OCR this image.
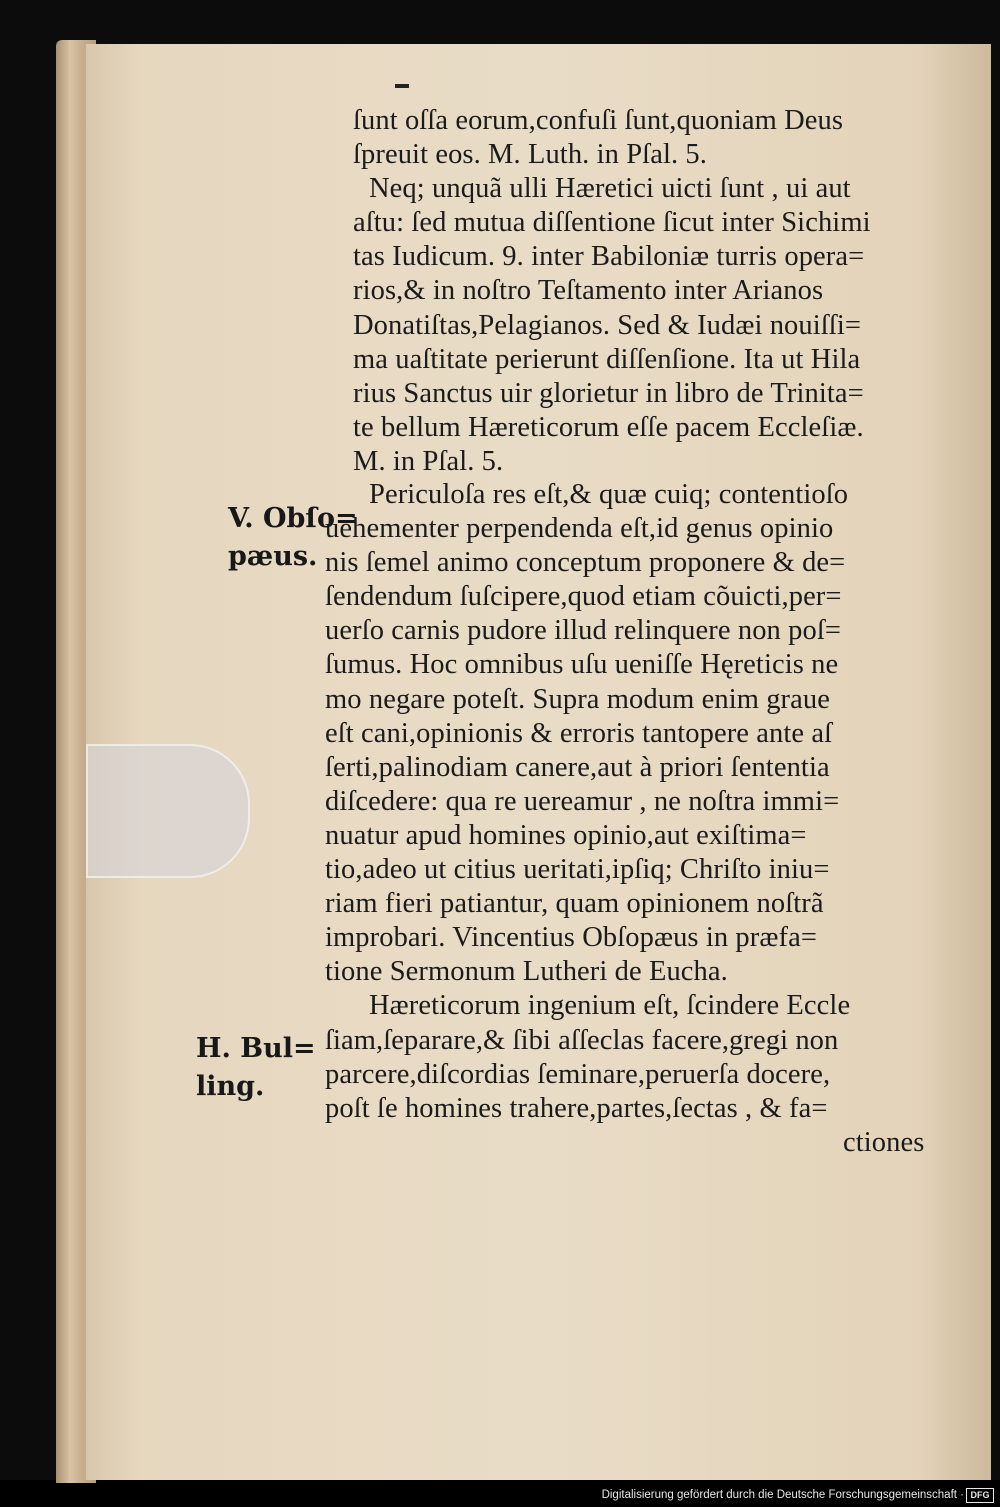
ſunt oſſa eorum,confuſi ſunt,quoniam Deus
ſpreuit eos. M. Luth. in Pſal. 5.
Neq; unquã ulli Hæretici uicti ſunt , ui aut
aſtu: ſed mutua diſſentione ſicut inter Sichimi
tas Iudicum. 9. inter Babiloniæ turris opera=
rios,& in noſtro Teſtamento inter Arianos
Donatiſtas,Pelagianos. Sed & Iudæi nouiſſi=
ma uaſtitate perierunt diſſenſione. Ita ut Hila
rius Sanctus uir glorietur in libro de Trinita=
te bellum Hæreticorum eſſe pacem Eccleſiæ.
M. in Pſal. 5.
Periculoſa res eſt,& quæ cuiq; contentioſo
uehementer perpendenda eſt,id genus opinio
nis ſemel animo conceptum proponere & de=
ſendendum ſuſcipere,quod etiam cõuicti,per=
uerſo carnis pudore illud relinquere non poſ=
ſumus. Hoc omnibus uſu ueniſſe Hęreticis ne
mo negare poteſt. Supra modum enim graue
eſt cani,opinionis & erroris tantopere ante aſ
ſerti,palinodiam canere,aut à priori ſententia
diſcedere: qua re uereamur , ne noſtra immi=
nuatur apud homines opinio,aut exiſtima=
tio,adeo ut citius ueritati,ipſiq; Chriſto iniu=
riam fieri patiantur, quam opinionem noſtrã
improbari. Vincentius Obſopæus in præfa=
tione Sermonum Lutheri de Eucha.
Hæreticorum ingenium eſt, ſcindere Eccle
ſiam,ſeparare,& ſibi aſſeclas facere,gregi non
parcere,diſcordias ſeminare,peruerſa docere,
poſt ſe homines trahere,partes,ſectas , & fa=
ctiones
V. Obſo=
pæus.
H. Bul=
ling.
Digitalisierung gefördert durch die Deutsche Forschungsgemeinschaft · DFG
